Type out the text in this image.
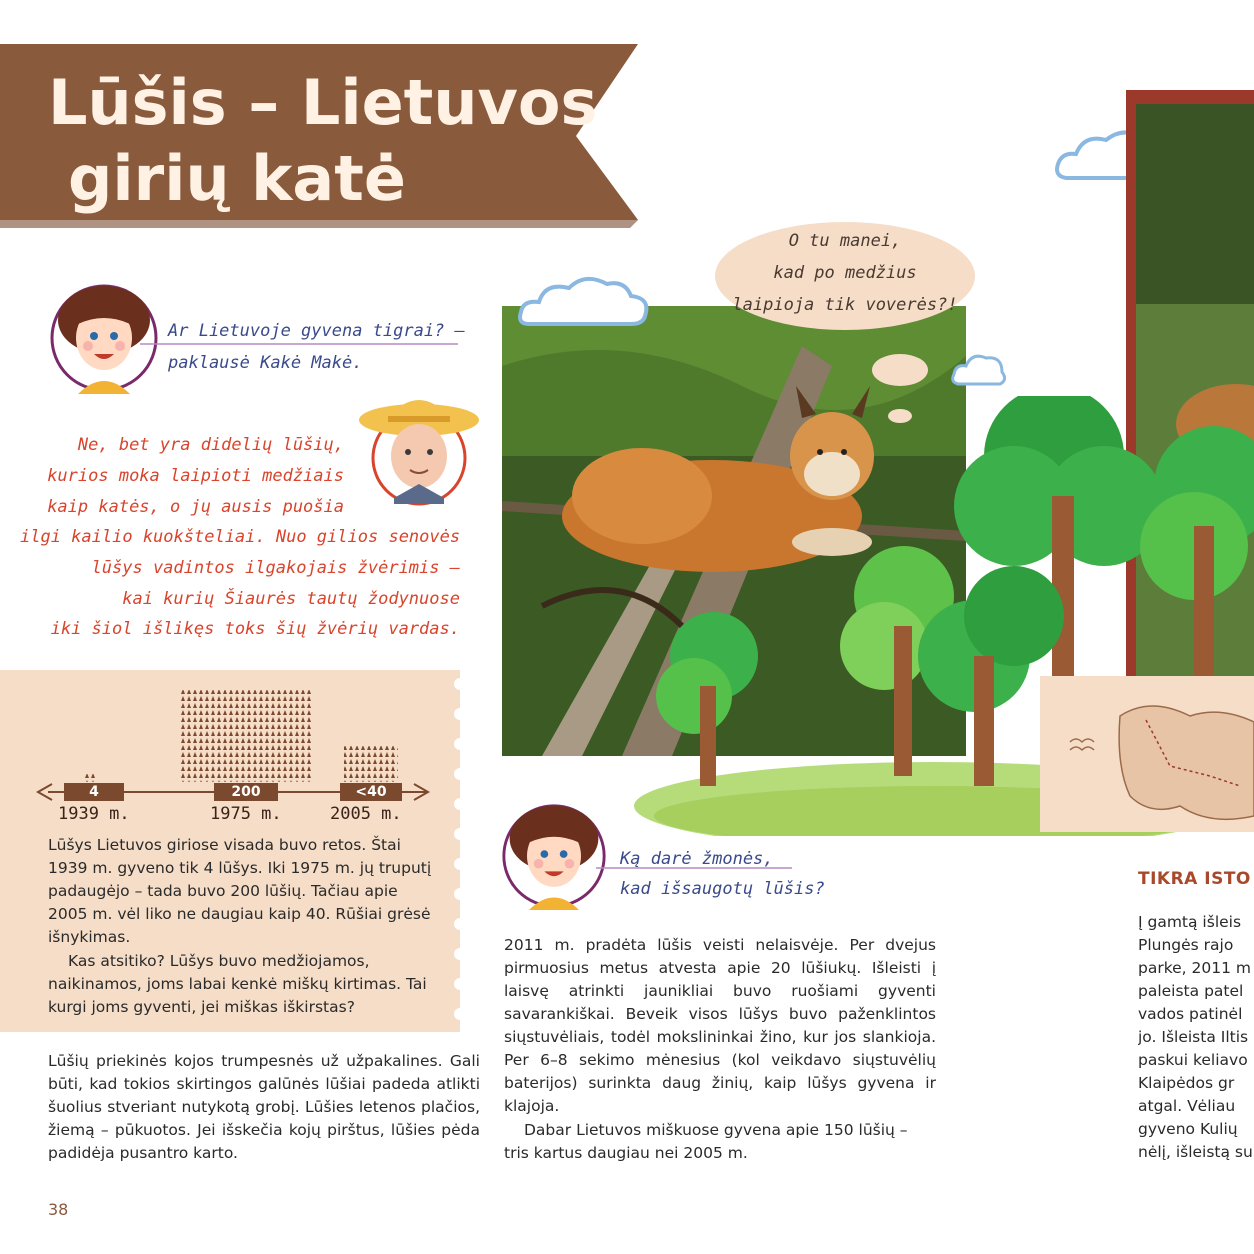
Lūšis – Lietuvos
girių katė
Ar Lietuvoje gyvena tigrai? –
paklausė Kakė Makė.
Ne, bet yra didelių lūšių,
kurios moka laipioti medžiais
kaip katės, o jų ausis puošia
ilgi kailio kuokšteliai. Nuo gilios senovės
lūšys vadintos ilgakojais žvėrimis –
kai kurių Šiaurės tautų žodynuose
iki šiol išlikęs toks šių žvėrių vardas.
4	200	<40
1939 m.	1975 m.	2005 m.
Lūšys Lietuvos giriose visada buvo retos. Štai 1939 m. gyveno tik 4 lūšys. Iki 1975 m. jų truputį padaugėjo – tada buvo 200 lūšių. Tačiau apie 2005 m. vėl liko ne daugiau kaip 40. Rūšiai grėsė išnykimas.
Kas atsitiko? Lūšys buvo medžiojamos, naikinamos, joms labai kenkė miškų kirtimas. Tai kurgi joms gyventi, jei miškas iškirstas?
Lūšių priekinės kojos trumpesnės už užpakalines. Gali būti, kad tokios skirtingos galūnės lūšiai padeda atlikti šuolius stveriant nutykotą grobį. Lūšies letenos plačios, žiemą – pūkuotos. Jei išskečia kojų pirštus, lūšies pėda padidėja pusantro karto.
O tu manei,
kad po medžius
laipioja tik voverės?!
Ką darė žmonės,
kad išsaugotų lūšis?
2011 m. pradėta lūšis veisti nelaisvėje. Per dvejus pirmuosius metus atvesta apie 20 lūšiukų. Išleisti į laisvę atrinkti jaunikliai buvo ruošiami gyventi savarankiškai. Beveik visos lūšys buvo paženklintos siųstuvėliais, todėl mokslininkai žino, kur jos slankioja. Per 6–8 sekimo mėnesius (kol veikdavo siųstuvėlių baterijos) surinkta daug žinių, kaip lūšys gyvena ir klajoja.
Dabar Lietuvos miškuose gyvena apie 150 lūšių – tris kartus daugiau nei 2005 m.
TIKRA ISTO
Į gamtą išleis
Plungės rajo
parke, 2011 m
paleista patel
vados patinėl
jo. Išleista Iltis
paskui keliavo
Klaipėdos gr
atgal. Vėliau
gyveno Kulių
nėlį, išleistą su
38
